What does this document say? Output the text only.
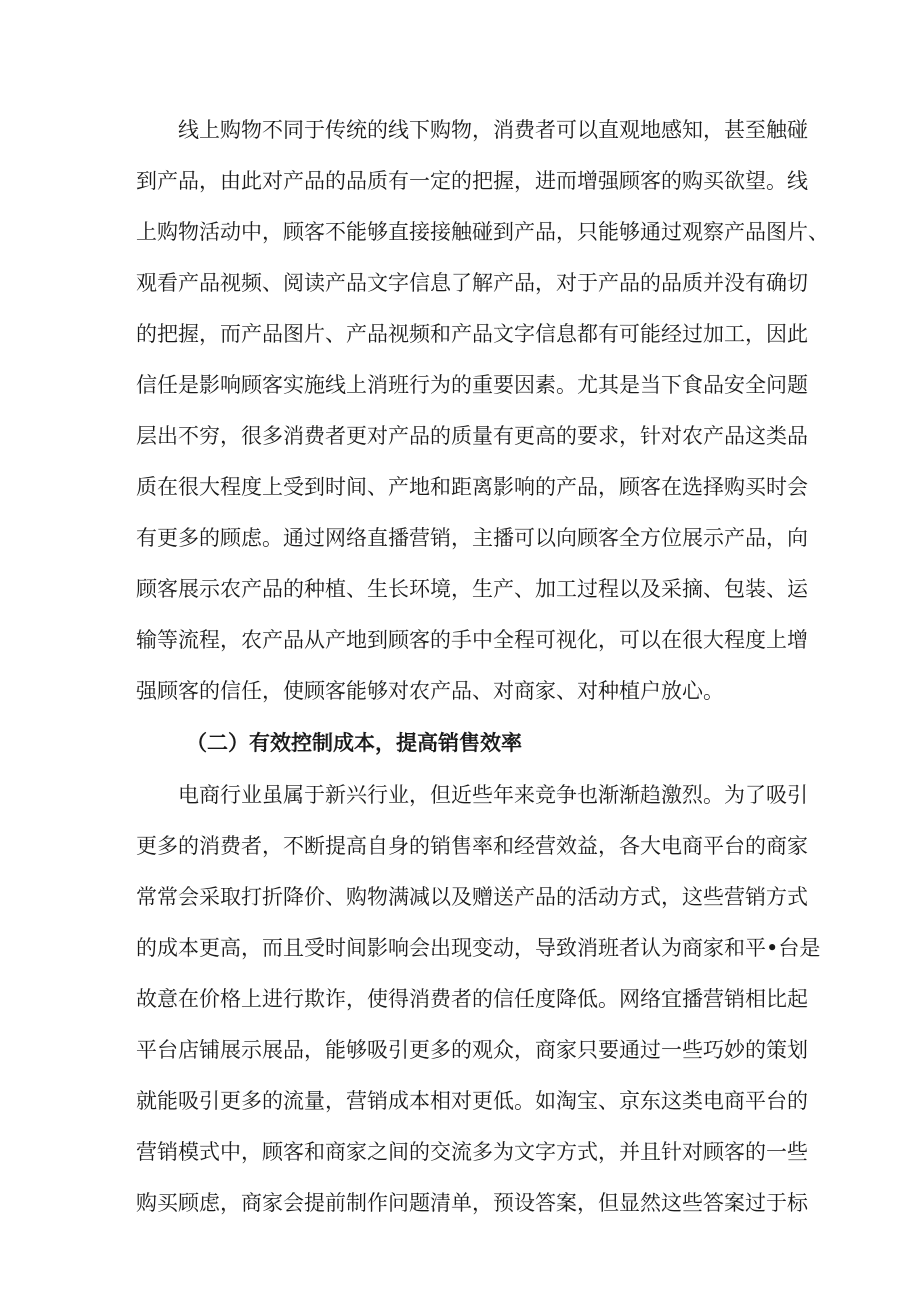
线上购物不同于传统的线下购物，消费者可以直观地感知，甚至触碰
到产品，由此对产品的品质有一定的把握，进而增强顾客的购买欲望。线
上购物活动中，顾客不能够直接接触碰到产品，只能够通过观察产品图片、
观看产品视频、阅读产品文字信息了解产品，对于产品的品质并没有确切
的把握，而产品图片、产品视频和产品文字信息都有可能经过加工，因此
信任是影响顾客实施线上消班行为的重要因素。尤其是当下食品安全问题
层出不穷，很多消费者更对产品的质量有更高的要求，针对农产品这类品
质在很大程度上受到时间、产地和距离影响的产品，顾客在选择购买时会
有更多的顾虑。通过网络直播营销，主播可以向顾客全方位展示产品，向
顾客展示农产品的种植、生长环境，生产、加工过程以及采摘、包装、运
输等流程，农产品从产地到顾客的手中全程可视化，可以在很大程度上增
强顾客的信任，使顾客能够对农产品、对商家、对种植户放心。
（二）有效控制成本，提高销售效率
电商行业虽属于新兴行业，但近些年来竞争也渐渐趋激烈。为了吸引
更多的消费者，不断提高自身的销售率和经营效益，各大电商平台的商家
常常会采取打折降价、购物满减以及赠送产品的活动方式，这些营销方式
的成本更高，而且受时间影响会出现变动，导致消班者认为商家和平•台是
故意在价格上进行欺诈，使得消费者的信任度降低。网络宜播营销相比起
平台店铺展示展品，能够吸引更多的观众，商家只要通过一些巧妙的策划
就能吸引更多的流量，营销成本相对更低。如淘宝、京东这类电商平台的
营销模式中，顾客和商家之间的交流多为文字方式，并且针对顾客的一些
购买顾虑，商家会提前制作问题清单，预设答案，但显然这些答案过于标
